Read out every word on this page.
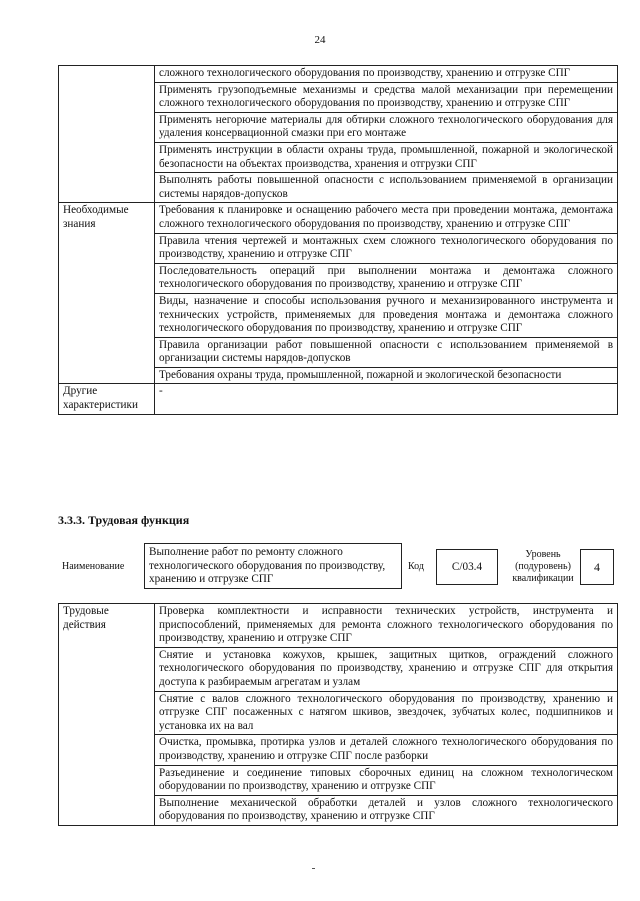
24
	сложного технологического оборудования по производству, хранению и отгрузке СПГ
	Применять грузоподъемные механизмы и средства малой механизации при перемещении сложного технологического оборудования по производству, хранению и отгрузке СПГ
	Применять негорючие материалы для обтирки сложного технологического оборудования для удаления консервационной смазки при его монтаже
	Применять инструкции в области охраны труда, промышленной, пожарной и экологической безопасности на объектах производства, хранения и отгрузки СПГ
	Выполнять работы повышенной опасности с использованием применяемой в организации системы нарядов-допусков
Необходимые знания	Требования к планировке и оснащению рабочего места при проведении монтажа, демонтажа сложного технологического оборудования по производству, хранению и отгрузке СПГ
	Правила чтения чертежей и монтажных схем сложного технологического оборудования по производству, хранению и отгрузке СПГ
	Последовательность операций при выполнении монтажа и демонтажа сложного технологического оборудования по производству, хранению и отгрузке СПГ
	Виды, назначение и способы использования ручного и механизированного инструмента и технических устройств, применяемых для проведения монтажа и демонтажа сложного технологического оборудования по производству, хранению и отгрузке СПГ
	Правила организации работ повышенной опасности с использованием применяемой в организации системы нарядов-допусков
	Требования охраны труда, промышленной, пожарной и экологической безопасности
Другие характеристики	-
3.3.3. Трудовая функция
Наименование
Выполнение работ по ремонту сложного технологического оборудования по производству, хранению и отгрузке СПГ
Код	С/03.4
Уровень (подуровень) квалификации
4
Трудовые действия	Проверка комплектности и исправности технических устройств, инструмента и приспособлений, применяемых для ремонта сложного технологического оборудования по производству, хранению и отгрузке СПГ
Снятие и установка кожухов, крышек, защитных щитков, ограждений сложного технологического оборудования по производству, хранению и отгрузке СПГ для открытия доступа к разбираемым агрегатам и узлам
Снятие с валов сложного технологического оборудования по производству, хранению и отгрузке СПГ посаженных с натягом шкивов, звездочек, зубчатых колес, подшипников и установка их на вал
Очистка, промывка, протирка узлов и деталей сложного технологического оборудования по производству, хранению и отгрузке СПГ после разборки
Разъединение и соединение типовых сборочных единиц на сложном технологическом оборудовании по производству, хранению и отгрузке СПГ
Выполнение механической обработки деталей и узлов сложного технологического оборудования по производству, хранению и отгрузке СПГ
